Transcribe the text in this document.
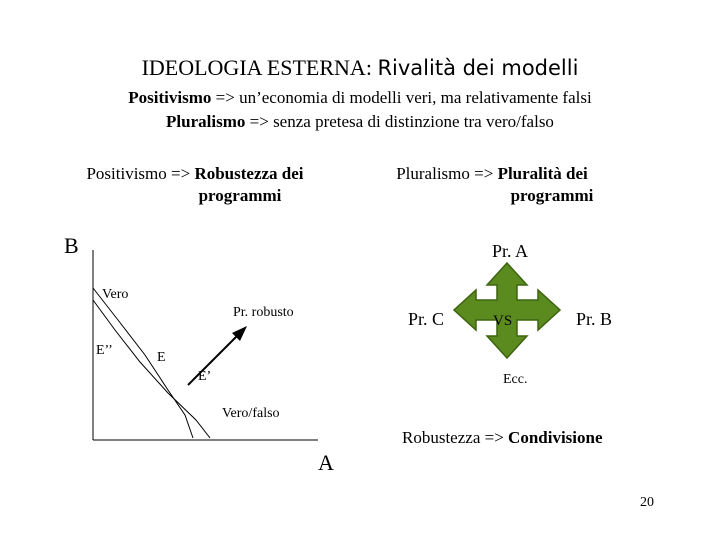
IDEOLOGIA ESTERNA: Rivalità dei modelli
Positivismo => un’economia di modelli veri, ma relativamente falsi
Pluralismo => senza pretesa di distinzione tra vero/falso
Positivismo => Robustezza dei
programmi
Pluralismo => Pluralità dei
programmi
B
A
Vero
Pr. robusto
E’’	E
E’
Vero/falso
Pr. A
Pr. C	VS	Pr. B
Ecc.
Robustezza => Condivisione
20
